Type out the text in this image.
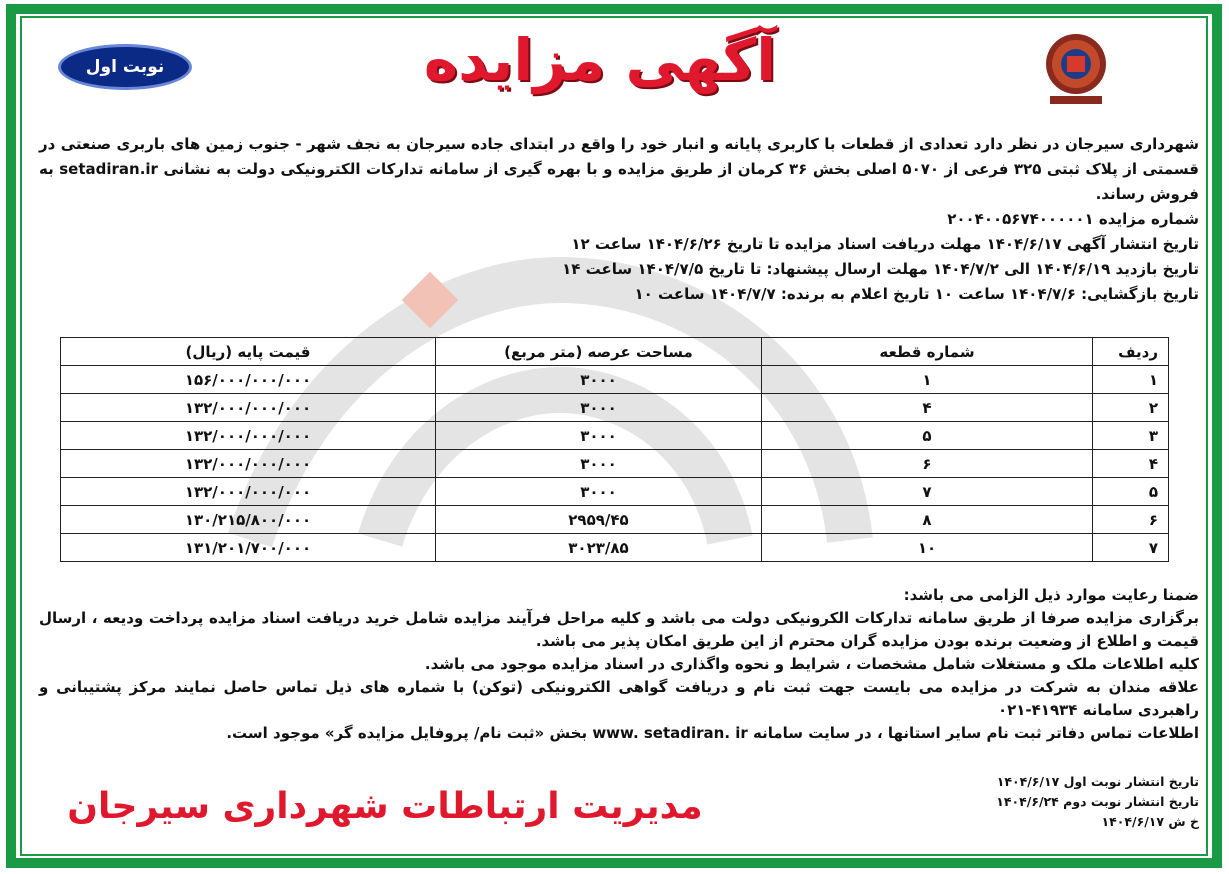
نوبت اول	آگهی مزایده

شهرداری سیرجان در نظر دارد تعدادی از قطعات با کاربری پایانه و انبار خود را واقع در ابتدای جاده سیرجان به نجف شهر - جنوب زمین های باربری صنعتی در قسمتی از پلاک ثبتی ۳۲۵ فرعی از ۵۰۷۰ اصلی بخش ۳۶ کرمان از طریق مزایده و با بهره گیری از سامانه تدارکات الکترونیکی دولت به نشانی setadiran.ir به فروش رساند.

شماره مزایده ۲۰۰۴۰۰۵۶۷۴۰۰۰۰۰۱

تاریخ انتشار آگهی ۱۴۰۴/۶/۱۷ مهلت دریافت اسناد مزایده تا تاریخ ۱۴۰۴/۶/۲۶ ساعت ۱۲

تاریخ بازدید ۱۴۰۴/۶/۱۹ الی ۱۴۰۴/۷/۲ مهلت ارسال پیشنهاد: تا تاریخ ۱۴۰۴/۷/۵ ساعت ۱۴

تاریخ بازگشایی: ۱۴۰۴/۷/۶ ساعت ۱۰ تاریخ اعلام به برنده: ۱۴۰۴/۷/۷ ساعت ۱۰

ردیف	شماره قطعه	مساحت عرصه (متر مربع)	قیمت پایه (ریال)
۱	۱	۳۰۰۰	۱۵۶/۰۰۰/۰۰۰/۰۰۰
۲	۴	۳۰۰۰	۱۳۲/۰۰۰/۰۰۰/۰۰۰
۳	۵	۳۰۰۰	۱۳۲/۰۰۰/۰۰۰/۰۰۰
۴	۶	۳۰۰۰	۱۳۲/۰۰۰/۰۰۰/۰۰۰
۵	۷	۳۰۰۰	۱۳۲/۰۰۰/۰۰۰/۰۰۰
۶	۸	۲۹۵۹/۴۵	۱۳۰/۲۱۵/۸۰۰/۰۰۰
۷	۱۰	۳۰۲۳/۸۵	۱۳۱/۲۰۱/۷۰۰/۰۰۰

ضمنا رعایت موارد ذیل الزامی می باشد:

برگزاری مزایده صرفا از طریق سامانه تدارکات الکرونیکی دولت می باشد و کلیه مراحل فرآیند مزایده شامل خرید دریافت اسناد مزایده پرداخت ودیعه ، ارسال قیمت و اطلاع از وضعیت برنده بودن مزایده گران محترم از این طریق امکان پذیر می باشد.

کلیه اطلاعات ملک و مستغلات شامل مشخصات ، شرایط و نحوه واگذاری در اسناد مزایده موجود می باشد.

علاقه مندان به شرکت در مزایده می بایست جهت ثبت نام و دریافت گواهی الکترونیکی (توکن) با شماره های ذیل تماس حاصل نمایند مرکز پشتیبانی و راهبردی سامانه ۴۱۹۳۴-۰۲۱

اطلاعات تماس دفاتر ثبت نام سایر استانها ، در سایت سامانه www. setadiran. ir بخش «ثبت نام/ پروفایل مزایده گر» موجود است.

تاریخ انتشار نوبت اول ۱۴۰۴/۶/۱۷

تاریخ انتشار نوبت دوم ۱۴۰۴/۶/۲۴

خ ش ۱۴۰۴/۶/۱۷

مدیریت ارتباطات شهرداری سیرجان
